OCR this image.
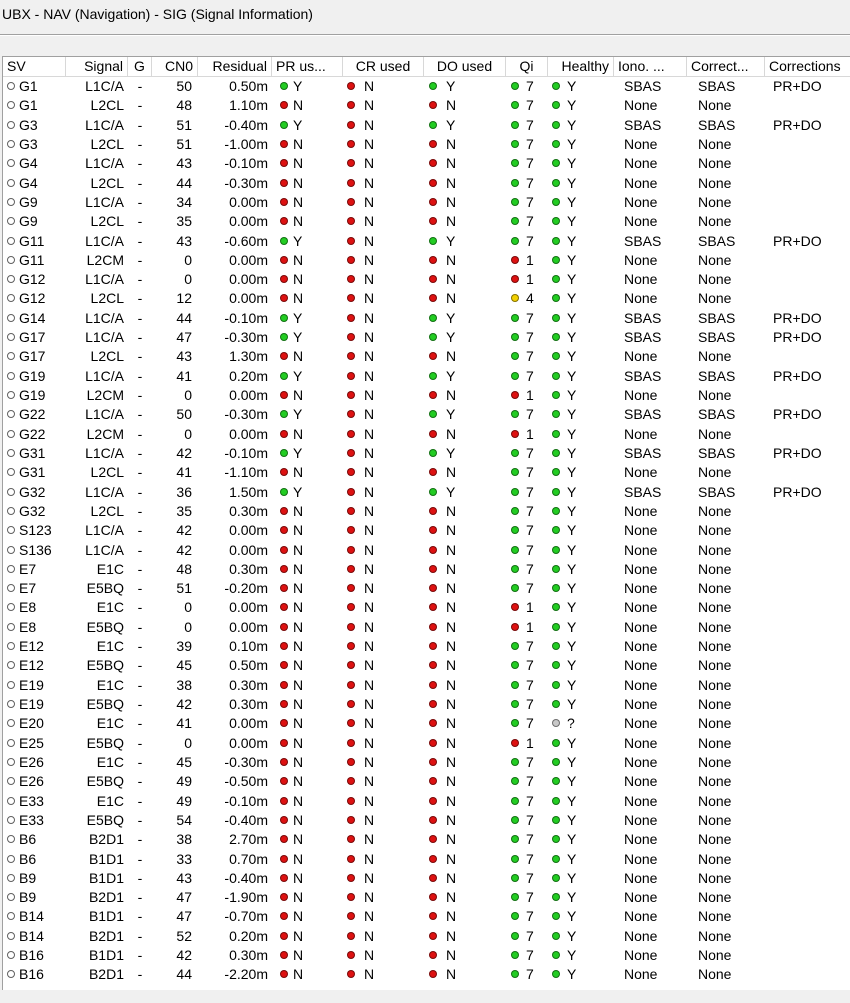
UBX - NAV (Navigation) - SIG (Signal Information)
SV	Signal G	CN0	Residual PR us...	CR used	DO used	Qi	Healthy Iono. ...	Correct...	Corrections
G1	L1C/A -	50	0.50m Y	N	Y	7	Y	SBAS	SBAS	PR+DO
G1	L2CL -	48	1.10m N	N	N	7	Y	None	None
G3	L1C/A -	51	-0.40m Y	N	Y	7	Y	SBAS	SBAS	PR+DO
G3	L2CL -	51	-1.00m N	N	N	7	Y	None	None
G4	L1C/A -	43	-0.10m N	N	N	7	Y	None	None
G4	L2CL -	44	-0.30m N	N	N	7	Y	None	None
G9	L1C/A -	34	0.00m N	N	N	7	Y	None	None
G9	L2CL -	35	0.00m N	N	N	7	Y	None	None
G11	L1C/A -	43	-0.60m Y	N	Y	7	Y	SBAS	SBAS	PR+DO
G11	L2CM -	0	0.00m N	N	N	1	Y	None	None
G12	L1C/A -	0	0.00m N	N	N	1	Y	None	None
G12	L2CL -	12	0.00m N	N	N	4	Y	None	None
G14	L1C/A -	44	-0.10m Y	N	Y	7	Y	SBAS	SBAS	PR+DO
G17	L1C/A -	47	-0.30m Y	N	Y	7	Y	SBAS	SBAS	PR+DO
G17	L2CL -	43	1.30m N	N	N	7	Y	None	None
G19	L1C/A -	41	0.20m Y	N	Y	7	Y	SBAS	SBAS	PR+DO
G19	L2CM -	0	0.00m N	N	N	1	Y	None	None
G22	L1C/A -	50	-0.30m Y	N	Y	7	Y	SBAS	SBAS	PR+DO
G22	L2CM -	0	0.00m N	N	N	1	Y	None	None
G31	L1C/A -	42	-0.10m Y	N	Y	7	Y	SBAS	SBAS	PR+DO
G31	L2CL -	41	-1.10m N	N	N	7	Y	None	None
G32	L1C/A -	36	1.50m Y	N	Y	7	Y	SBAS	SBAS	PR+DO
G32	L2CL -	35	0.30m N	N	N	7	Y	None	None
S123	L1C/A -	42	0.00m N	N	N	7	Y	None	None
S136	L1C/A -	42	0.00m N	N	N	7	Y	None	None
E7	E1C -	48	0.30m N	N	N	7	Y	None	None
E7	E5BQ -	51	-0.20m N	N	N	7	Y	None	None
E8	E1C -	0	0.00m N	N	N	1	Y	None	None
E8	E5BQ -	0	0.00m N	N	N	1	Y	None	None
E12	E1C -	39	0.10m N	N	N	7	Y	None	None
E12	E5BQ -	45	0.50m N	N	N	7	Y	None	None
E19	E1C -	38	0.30m N	N	N	7	Y	None	None
E19	E5BQ -	42	0.30m N	N	N	7	Y	None	None
E20	E1C -	41	0.00m N	N	N	7	?	None	None
E25	E5BQ -	0	0.00m N	N	N	1	Y	None	None
E26	E1C -	45	-0.30m N	N	N	7	Y	None	None
E26	E5BQ -	49	-0.50m N	N	N	7	Y	None	None
E33	E1C -	49	-0.10m N	N	N	7	Y	None	None
E33	E5BQ -	54	-0.40m N	N	N	7	Y	None	None
B6	B2D1 -	38	2.70m N	N	N	7	Y	None	None
B6	B1D1 -	33	0.70m N	N	N	7	Y	None	None
B9	B1D1 -	43	-0.40m N	N	N	7	Y	None	None
B9	B2D1 -	47	-1.90m N	N	N	7	Y	None	None
B14	B1D1 -	47	-0.70m N	N	N	7	Y	None	None
B14	B2D1 -	52	0.20m N	N	N	7	Y	None	None
B16	B1D1 -	42	0.30m N	N	N	7	Y	None	None
B16	B2D1 -	44	-2.20m N	N	N	7	Y	None	None
